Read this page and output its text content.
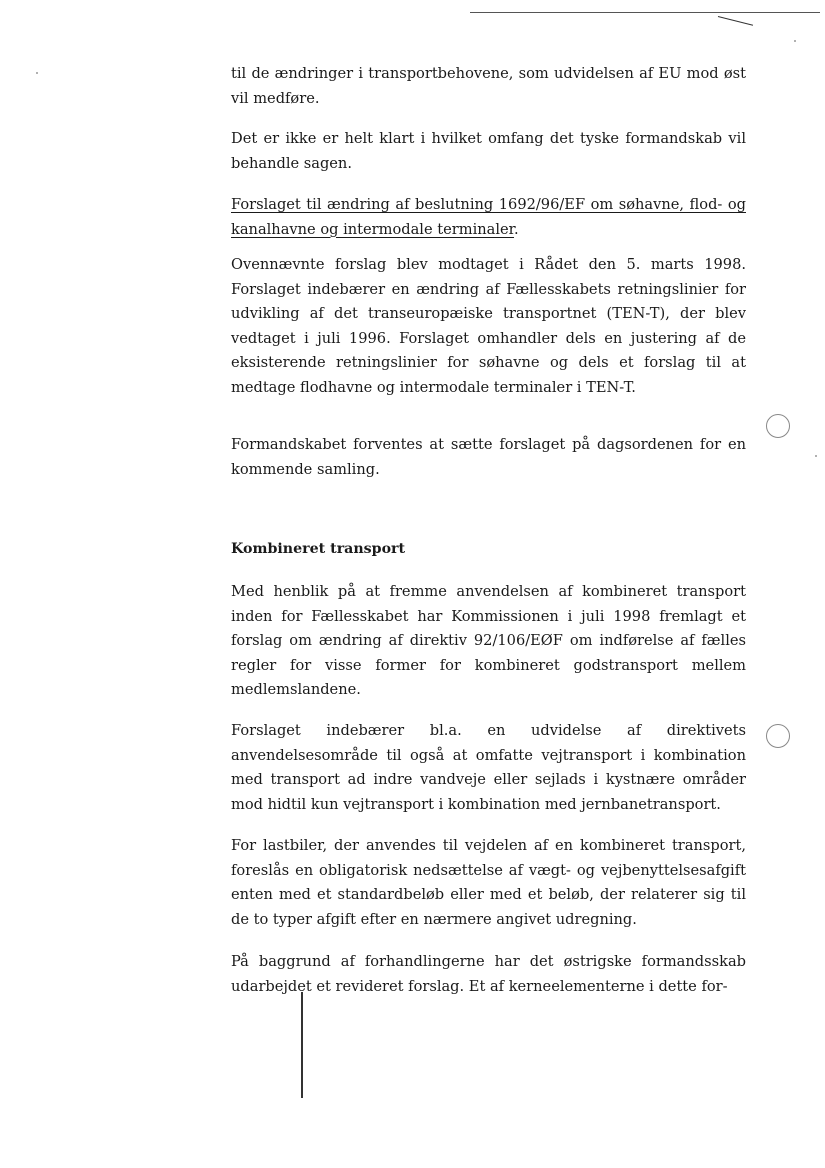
til de ændringer i transportbehovene, som udvidelsen af EU mod øst vil medføre.

Det er ikke er helt klart i hvilket omfang det tyske formandskab vil behandle sagen.

Forslaget til ændring af beslutning 1692/96/EF om søhavne, flod- og kanalhavne og intermodale terminaler.

Ovennævnte forslag blev modtaget i Rådet den 5. marts 1998. Forslaget indebærer en ændring af Fællesskabets retningslinier for udvikling af det transeuropæiske transportnet (TEN-T), der blev vedtaget i juli 1996. Forslaget omhandler dels en justering af de eksisterende retningslinier for søhavne og dels et forslag til at medtage flodhavne og intermodale terminaler i TEN-T.

Formandskabet forventes at sætte forslaget på dagsordenen for en kommende samling.

Kombineret transport

Med henblik på at fremme anvendelsen af kombineret transport inden for Fællesskabet har Kommissionen i juli 1998 fremlagt et forslag om ændring af direktiv 92/106/EØF om indførelse af fælles regler for visse former for kombineret godstransport mellem medlemslandene.

Forslaget indebærer bl.a. en udvidelse af direktivets anvendelsesområde til også at omfatte vejtransport i kombination med transport ad indre vandveje eller sejlads i kystnære områder mod hidtil kun vejtransport i kombination med jernbanetransport.

For lastbiler, der anvendes til vejdelen af en kombineret transport, foreslås en obligatorisk nedsættelse af vægt- og vejbenyttelsesafgift enten med et standardbeløb eller med et beløb, der relaterer sig til de to typer afgift efter en nærmere angivet udregning.

På baggrund af forhandlingerne har det østrigske formandsskab udarbejdet et revideret forslag. Et af kerneelementerne i dette for-
